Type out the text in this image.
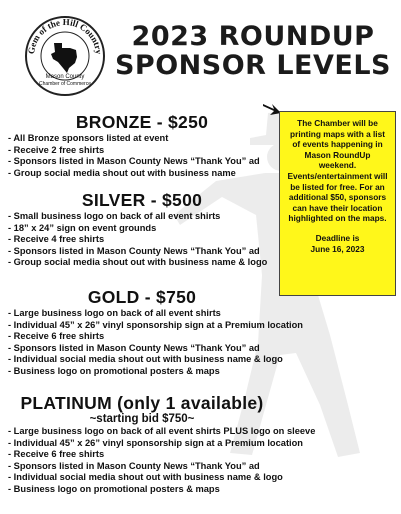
Gem of the Hill Country
Mason County
Chamber of Commerce
2023 ROUNDUP
SPONSOR LEVELS
The Chamber will be printing maps with a list of events happening in Mason RoundUp weekend. Events/entertainment will be listed for free. For an additional $50, sponsors can have their location highlighted on the maps.
Deadline is
June 16, 2023
BRONZE - $250
- All Bronze sponsors listed at event
- Receive 2 free shirts
- Sponsors listed in Mason County News “Thank You” ad
- Group social media shout out with business name
SILVER - $500
- Small business logo on back of all event shirts
- 18” x 24” sign on event grounds
- Receive 4 free shirts
- Sponsors listed in Mason County News “Thank You” ad
- Group social media shout out with business name & logo
GOLD - $750
- Large business logo on back of all event shirts
- Individual 45” x 26” vinyl sponsorship sign at a Premium location
- Receive 6 free shirts
- Sponsors listed in Mason County News “Thank You” ad
- Individual social media shout out with business name & logo
- Business logo on promotional posters & maps
PLATINUM (only 1 available)
~starting bid $750~
- Large business logo on back of all event shirts PLUS logo on sleeve
- Individual 45” x 26” vinyl sponsorship sign at a Premium location
- Receive 6 free shirts
- Sponsors listed in Mason County News “Thank You” ad
- Individual social media shout out with business name & logo
- Business logo on promotional posters & maps
